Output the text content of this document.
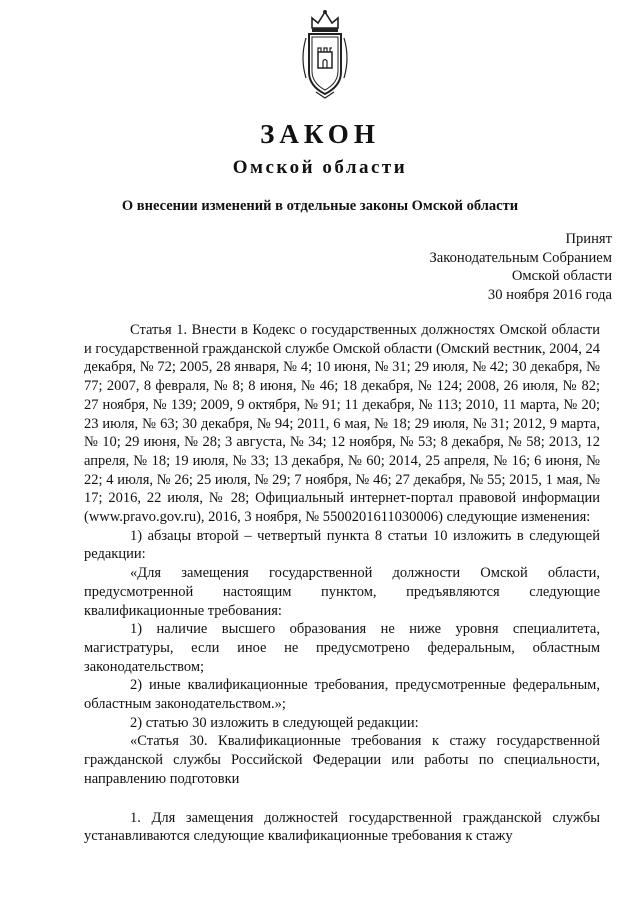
ЗАКОН
Омской области
О внесении изменений в отдельные законы Омской области
Принят
Законодательным Собранием
Омской области
30 ноября 2016 года

Статья 1. Внести в Кодекс о государственных должностях Омской области и государственной гражданской службе Омской области (Омский вестник, 2004, 24 декабря, № 72; 2005, 28 января, № 4; 10 июня, № 31; 29 июля, № 42; 30 декабря, № 77; 2007, 8 февраля, № 8; 8 июня, № 46; 18 декабря, № 124; 2008, 26 июля, № 82; 27 ноября, № 139; 2009, 9 октября, № 91; 11 декабря, № 113; 2010, 11 марта, № 20; 23 июля, № 63; 30 декабря, № 94; 2011, 6 мая, № 18; 29 июля, № 31; 2012, 9 марта, № 10; 29 июня, № 28; 3 августа, № 34; 12 ноября, № 53; 8 декабря, № 58; 2013, 12 апреля, № 18; 19 июля, № 33; 13 декабря, № 60; 2014, 25 апреля, № 16; 6 июня, № 22; 4 июля, № 26; 25 июля, № 29; 7 ноября, № 46; 27 декабря, № 55; 2015, 1 мая, № 17; 2016, 22 июля, № 28; Официальный интернет-портал правовой информации (www.pravo.gov.ru), 2016, 3 ноября, № 5500201611030006) следующие изменения:

1) абзацы второй – четвертый пункта 8 статьи 10 изложить в следующей редакции:

«Для замещения государственной должности Омской области, предусмотренной настоящим пунктом, предъявляются следующие квалификационные требования:

1) наличие высшего образования не ниже уровня специалитета, магистратуры, если иное не предусмотрено федеральным, областным законодательством;

2) иные квалификационные требования, предусмотренные федеральным, областным законодательством.»;

2) статью 30 изложить в следующей редакции:

«Статья 30. Квалификационные требования к стажу государственной гражданской службы Российской Федерации или работы по специальности, направлению подготовки

1. Для замещения должностей государственной гражданской службы устанавливаются следующие квалификационные требования к стажу
